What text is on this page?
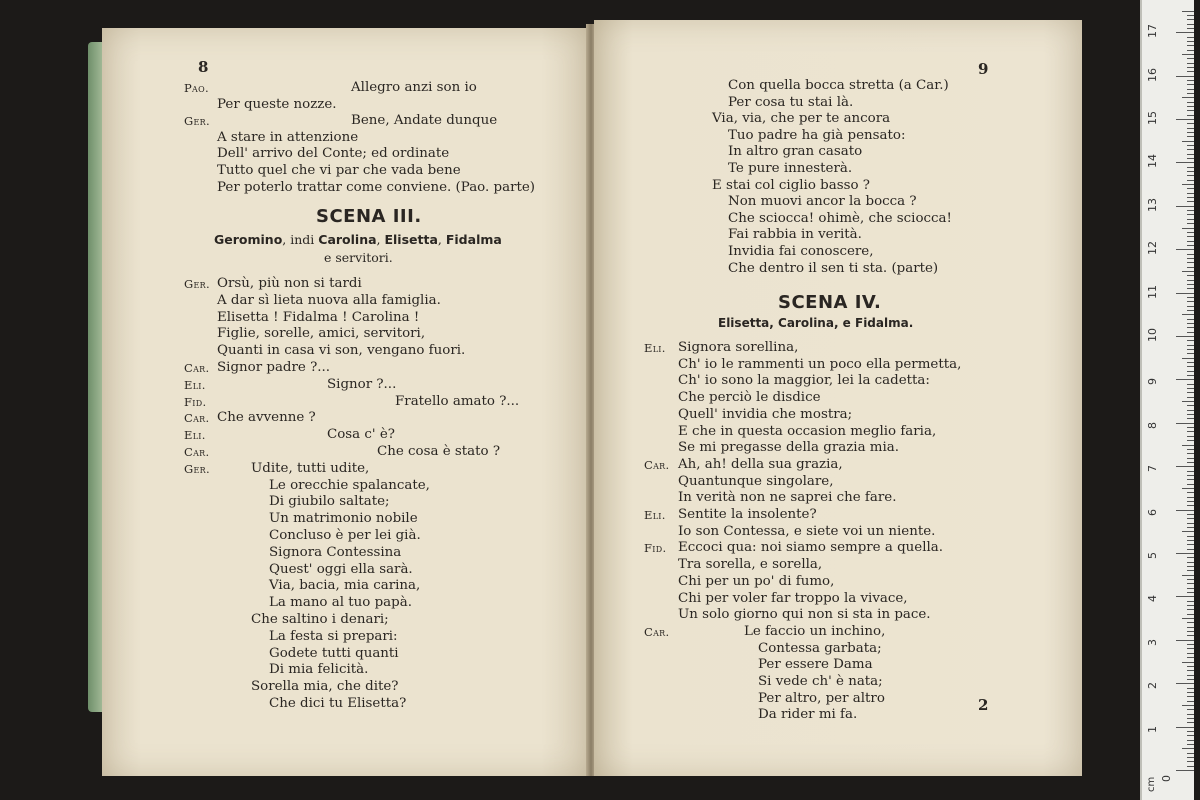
8
Pao.	Allegro anzi son io
Per queste nozze.
Ger.	Bene, Andate dunque
A stare in attenzione
Dell' arrivo del Conte; ed ordinate
Tutto quel che vi par che vada bene
Per poterlo trattar come conviene. (Pao. parte)
SCENA III.
Geromino, indi Carolina, Elisetta, Fidalma
e servitori.
Ger. Orsù, più non si tardi
A dar sì lieta nuova alla famiglia.
Elisetta ! Fidalma ! Carolina !
Figlie, sorelle, amici, servitori,
Quanti in casa vi son, vengano fuori.
Car. Signor padre ?...
Eli.	Signor ?...
Fid.	Fratello amato ?...
Car. Che avvenne ?
Eli.	Cosa c' è?
Car.	Che cosa è stato ?
Ger.	Udite, tutti udite,
Le orecchie spalancate,
Di giubilo saltate;
Un matrimonio nobile
Concluso è per lei già.
Signora Contessina
Quest' oggi ella sarà.
Via, bacia, mia carina,
La mano al tuo papà.
Che saltino i denari;
La festa si prepari:
Godete tutti quanti
Di mia felicità.
Sorella mia, che dite?
Che dici tu Elisetta?
9
Con quella bocca stretta (a Car.)
Per cosa tu stai là.
Via, via, che per te ancora
Tuo padre ha già pensato:
In altro gran casato
Te pure innesterà.
E stai col ciglio basso ?
Non muovi ancor la bocca ?
Che sciocca! ohimè, che sciocca!
Fai rabbia in verità.
Invidia fai conoscere,
Che dentro il sen ti sta. (parte)
SCENA IV.
Elisetta, Carolina, e Fidalma.
Eli. Signora sorellina,
Ch' io le rammenti un poco ella permetta,
Ch' io sono la maggior, lei la cadetta:
Che perciò le disdice
Quell' invidia che mostra;
E che in questa occasion meglio faria,
Se mi pregasse della grazia mia.
Car. Ah, ah! della sua grazia,
Quantunque singolare,
In verità non ne saprei che fare.
Eli. Sentite la insolente?
Io son Contessa, e siete voi un niente.
Fid. Eccoci qua: noi siamo sempre a quella.
Tra sorella, e sorella,
Chi per un po' di fumo,
Chi per voler far troppo la vivace,
Un solo giorno qui non si sta in pace.
Car.	Le faccio un inchino,
Contessa garbata;
Per essere Dama
Si vede ch' è nata;
Per altro, per altro
Da rider mi fa.
2
cm
1
2
3
4
5
6
7
8
9
10
11
12
13
14
15
16
17
0
